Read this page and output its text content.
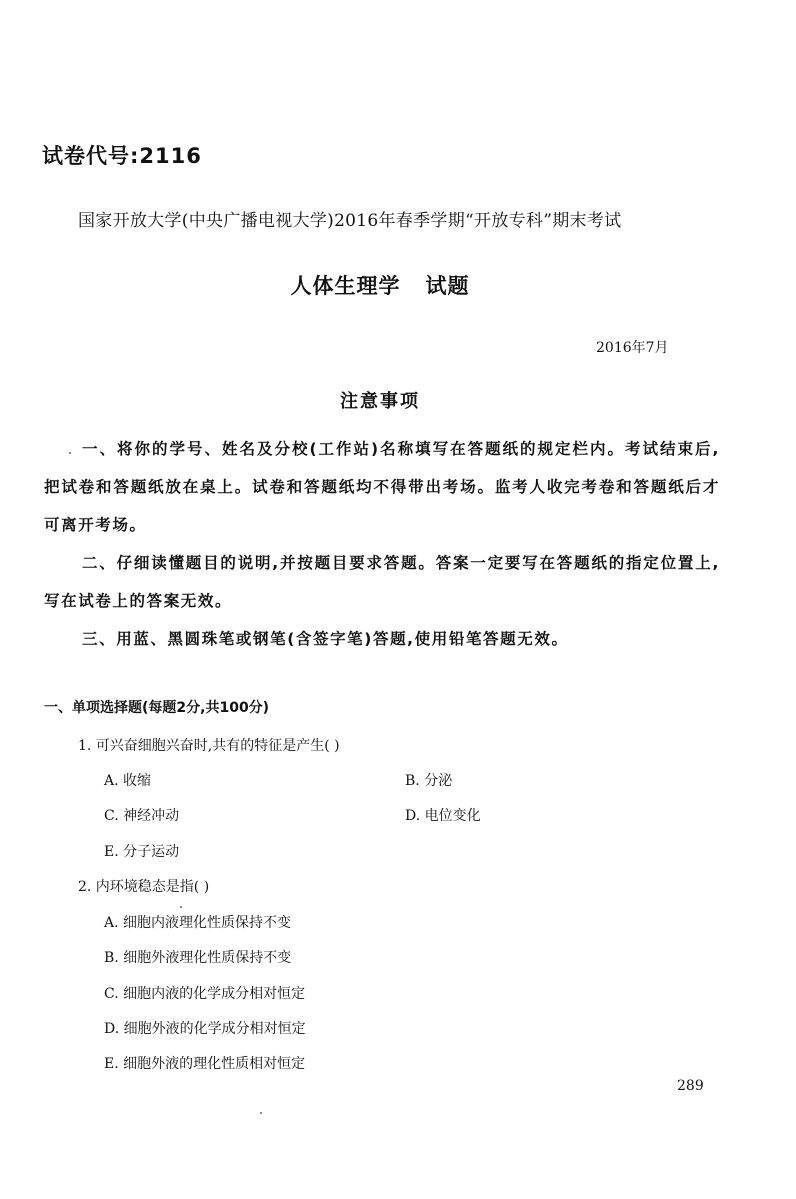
试卷代号:2116
国家开放大学(中央广播电视大学)2016年春季学期“开放专科”期末考试
人体生理学   试题
2016年7月
注意事项
一、将你的学号、姓名及分校(工作站)名称填写在答题纸的规定栏内。考试结束后,把试卷和答题纸放在桌上。试卷和答题纸均不得带出考场。监考人收完考卷和答题纸后才可离开考场。
二、仔细读懂题目的说明,并按题目要求答题。答案一定要写在答题纸的指定位置上,写在试卷上的答案无效。
三、用蓝、黑圆珠笔或钢笔(含签字笔)答题,使用铅笔答题无效。
一、单项选择题(每题2分,共100分)
1. 可兴奋细胞兴奋时,共有的特征是产生( )
A. 收缩	B. 分泌
C. 神经冲动	D. 电位变化
E. 分子运动
2. 内环境稳态是指( )
A. 细胞内液理化性质保持不变
B. 细胞外液理化性质保持不变
C. 细胞内液的化学成分相对恒定
D. 细胞外液的化学成分相对恒定
E. 细胞外液的理化性质相对恒定
289
